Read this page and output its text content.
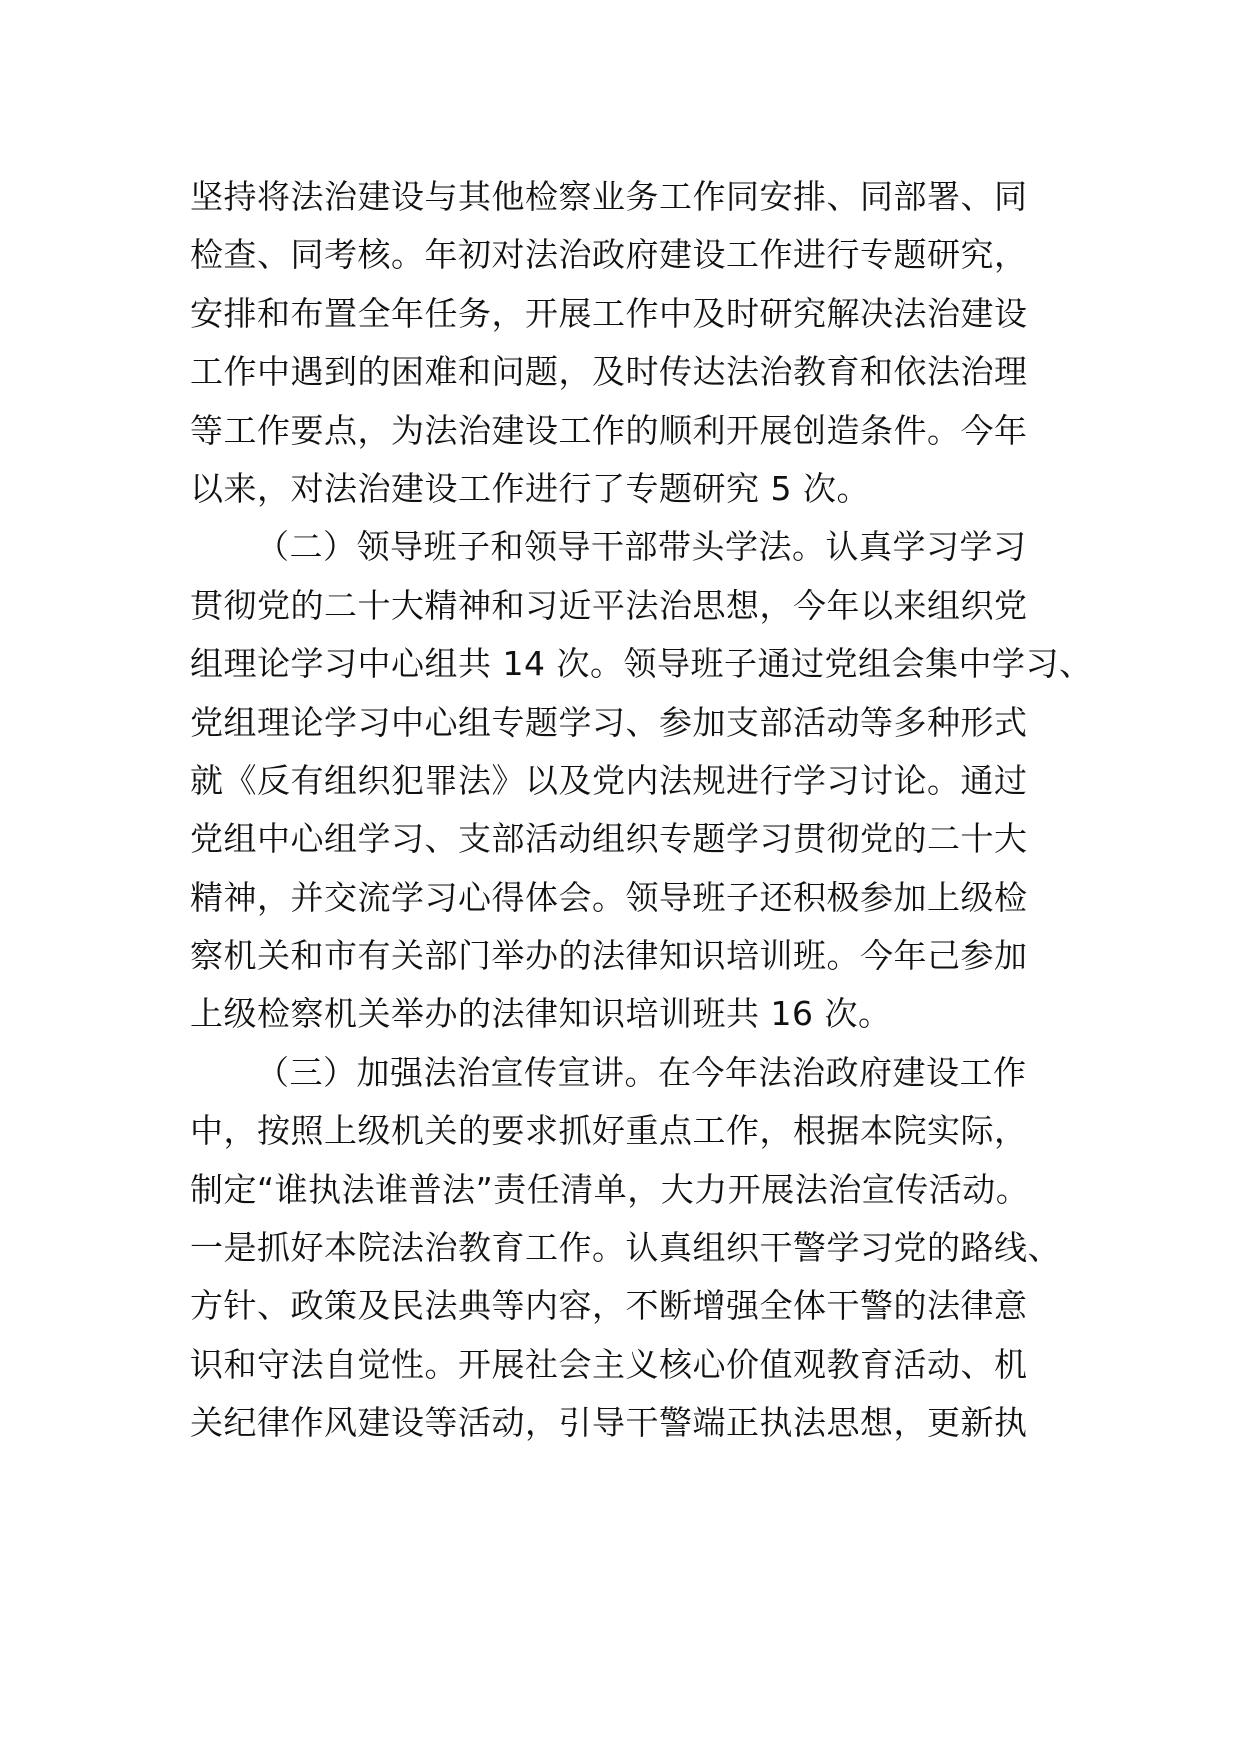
坚持将法治建设与其他检察业务工作同安排、同部署、同
检查、同考核。年初对法治政府建设工作进行专题研究，
安排和布置全年任务，开展工作中及时研究解决法治建设
工作中遇到的困难和问题，及时传达法治教育和依法治理
等工作要点，为法治建设工作的顺利开展创造条件。今年
以来，对法治建设工作进行了专题研究 5 次。
（二）领导班子和领导干部带头学法。认真学习学习
贯彻党的二十大精神和习近平法治思想，今年以来组织党
组理论学习中心组共 14 次。领导班子通过党组会集中学习、
党组理论学习中心组专题学习、参加支部活动等多种形式
就《反有组织犯罪法》以及党内法规进行学习讨论。通过
党组中心组学习、支部活动组织专题学习贯彻党的二十大
精神，并交流学习心得体会。领导班子还积极参加上级检
察机关和市有关部门举办的法律知识培训班。今年己参加
上级检察机关举办的法律知识培训班共 16 次。
（三）加强法治宣传宣讲。在今年法治政府建设工作
中，按照上级机关的要求抓好重点工作，根据本院实际，
制定“谁执法谁普法”责任清单，大力开展法治宣传活动。
一是抓好本院法治教育工作。认真组织干警学习党的路线、
方针、政策及民法典等内容，不断增强全体干警的法律意
识和守法自觉性。开展社会主义核心价值观教育活动、机
关纪律作风建设等活动，引导干警端正执法思想，更新执
